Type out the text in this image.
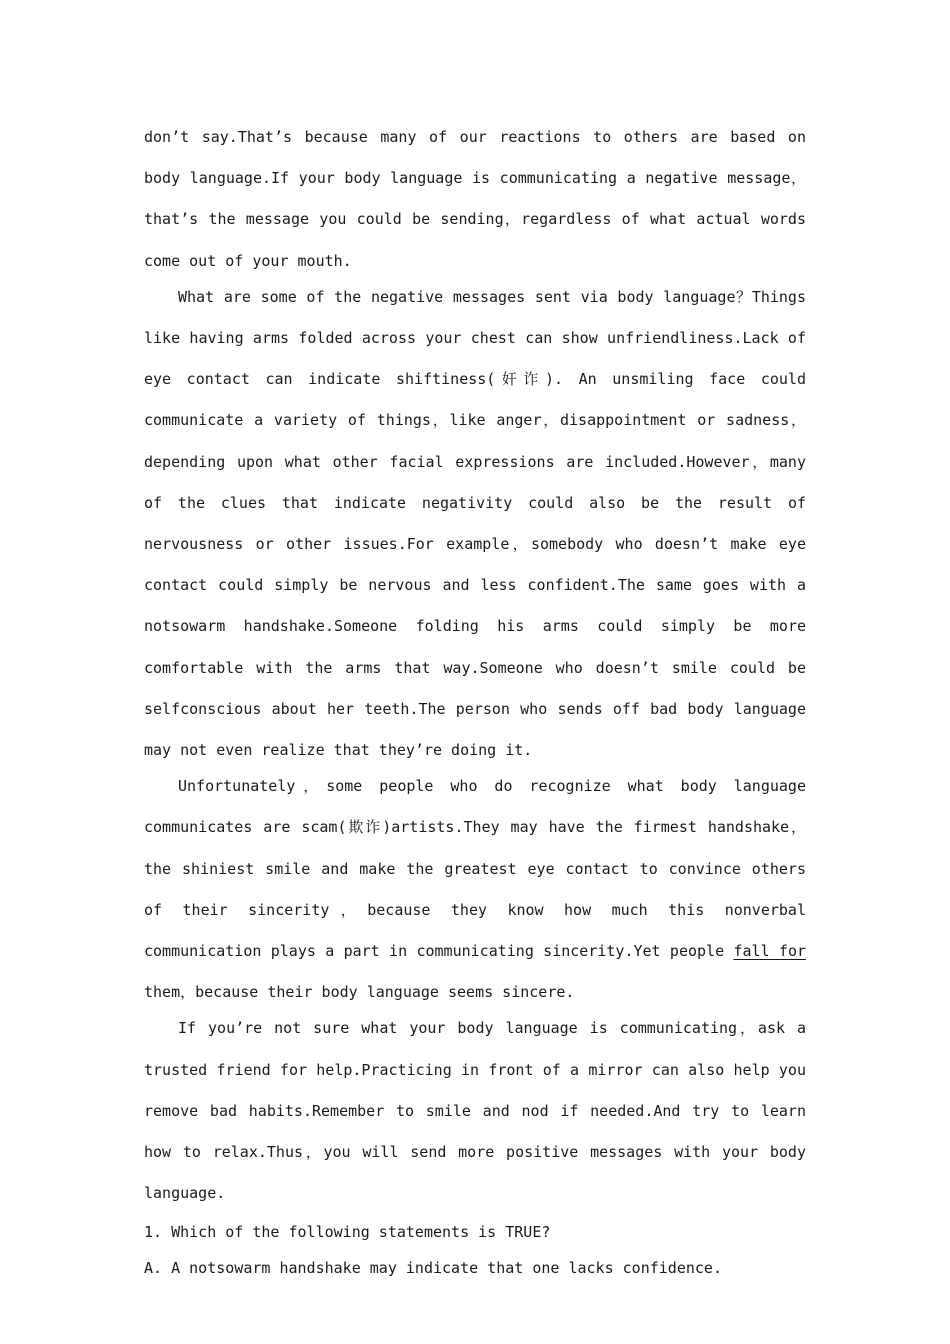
don’t say.That’s because many of our reactions to others are based on body language.If your body language is communicating a negative message，that’s the message you could be sending，regardless of what actual words come out of your mouth.

What are some of the negative messages sent via body language？Things like having arms folded across your chest can show unfriendliness.Lack of eye contact can indicate shiftiness(奸诈). An unsmiling face could communicate a variety of things，like anger，disappointment or sadness，depending upon what other facial expressions are included.However，many of the clues that indicate negativity could also be the result of nervousness or other issues.For example，somebody who doesn’t make eye contact could simply be nervous and less confident.The same goes with a notsowarm handshake.Someone folding his arms could simply be more comfortable with the arms that way.Someone who doesn’t smile could be selfconscious about her teeth.The person who sends off bad body language may not even realize that they’re doing it.

Unfortunately，some people who do recognize what body language communicates are scam(欺诈)artists.They may have the firmest handshake，the shiniest smile and make the greatest eye contact to convince others of their sincerity，because they know how much this nonverbal communication plays a part in communicating sincerity.Yet people fall for them，because their body language seems sincere.

If you’re not sure what your body language is communicating，ask a trusted friend for help.Practicing in front of a mirror can also help you remove bad habits.Remember to smile and nod if needed.And try to learn how to relax.Thus，you will send more positive messages with your body language.

1. Which of the following statements is TRUE?

A. A notsowarm handshake may indicate that one lacks confidence.
